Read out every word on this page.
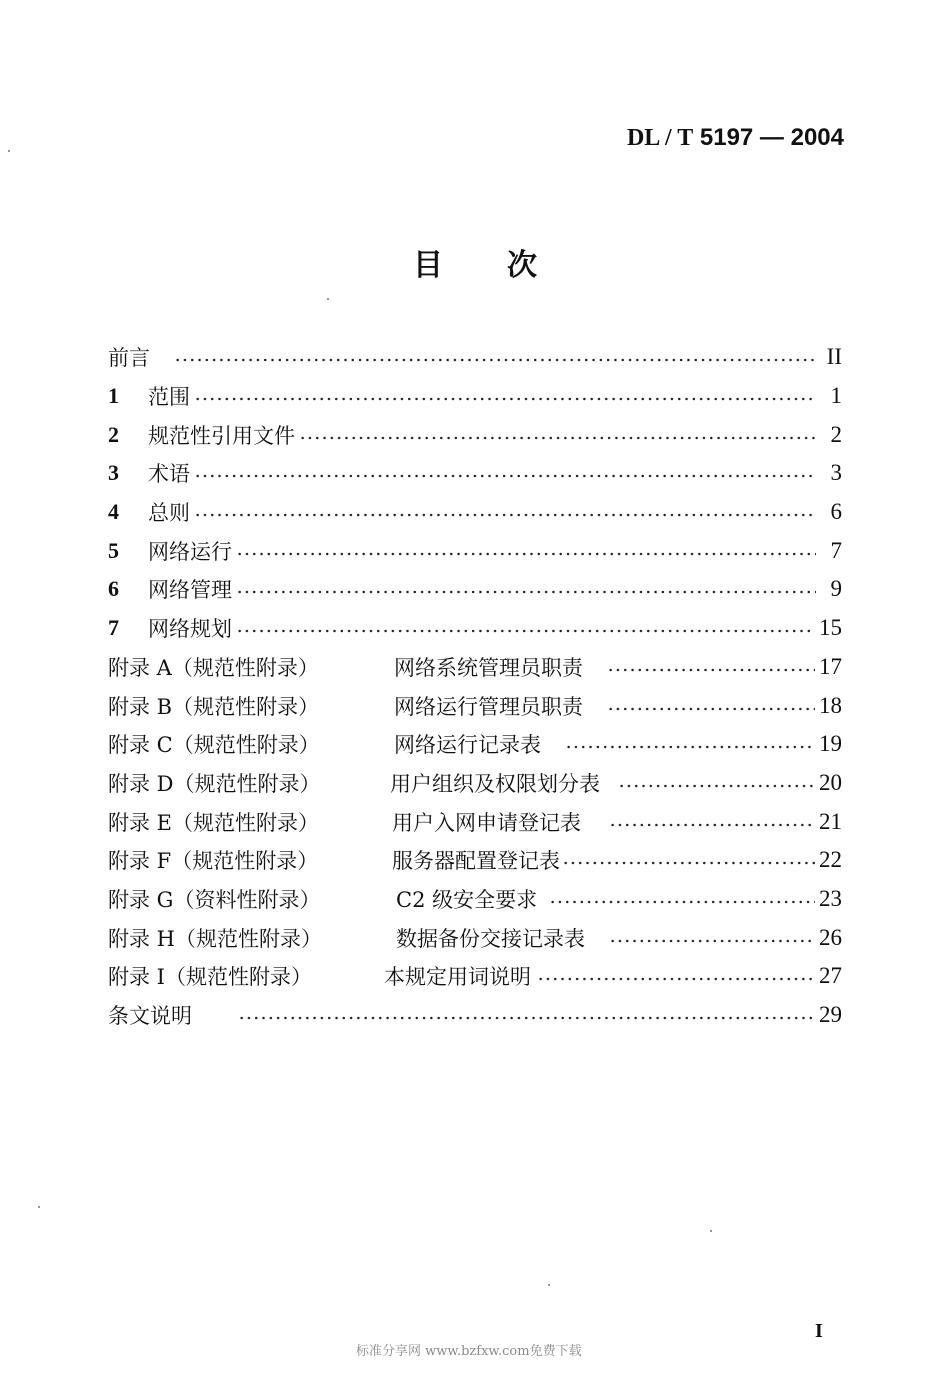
DL / T 5197 — 2004
目次
前言	II
1	范围	1
2	规范性引用文件	2
3	术语	3
4	总则	6
5	网络运行	7
6	网络管理	9
7	网络规划	15
附录 A（规范性附录）	网络系统管理员职责	17
附录 B（规范性附录）	网络运行管理员职责	18
附录 C（规范性附录）	网络运行记录表	19
附录 D（规范性附录）	用户组织及权限划分表	20
附录 E（规范性附录）	用户入网申请登记表	21
附录 F（规范性附录）	服务器配置登记表	22
附录 G（资料性附录）	C2 级安全要求	23
附录 H（规范性附录）	数据备份交接记录表	26
附录 I（规范性附录）	本规定用词说明	27
条文说明	29
I
标准分享网 www.bzfxw.com免费下载
